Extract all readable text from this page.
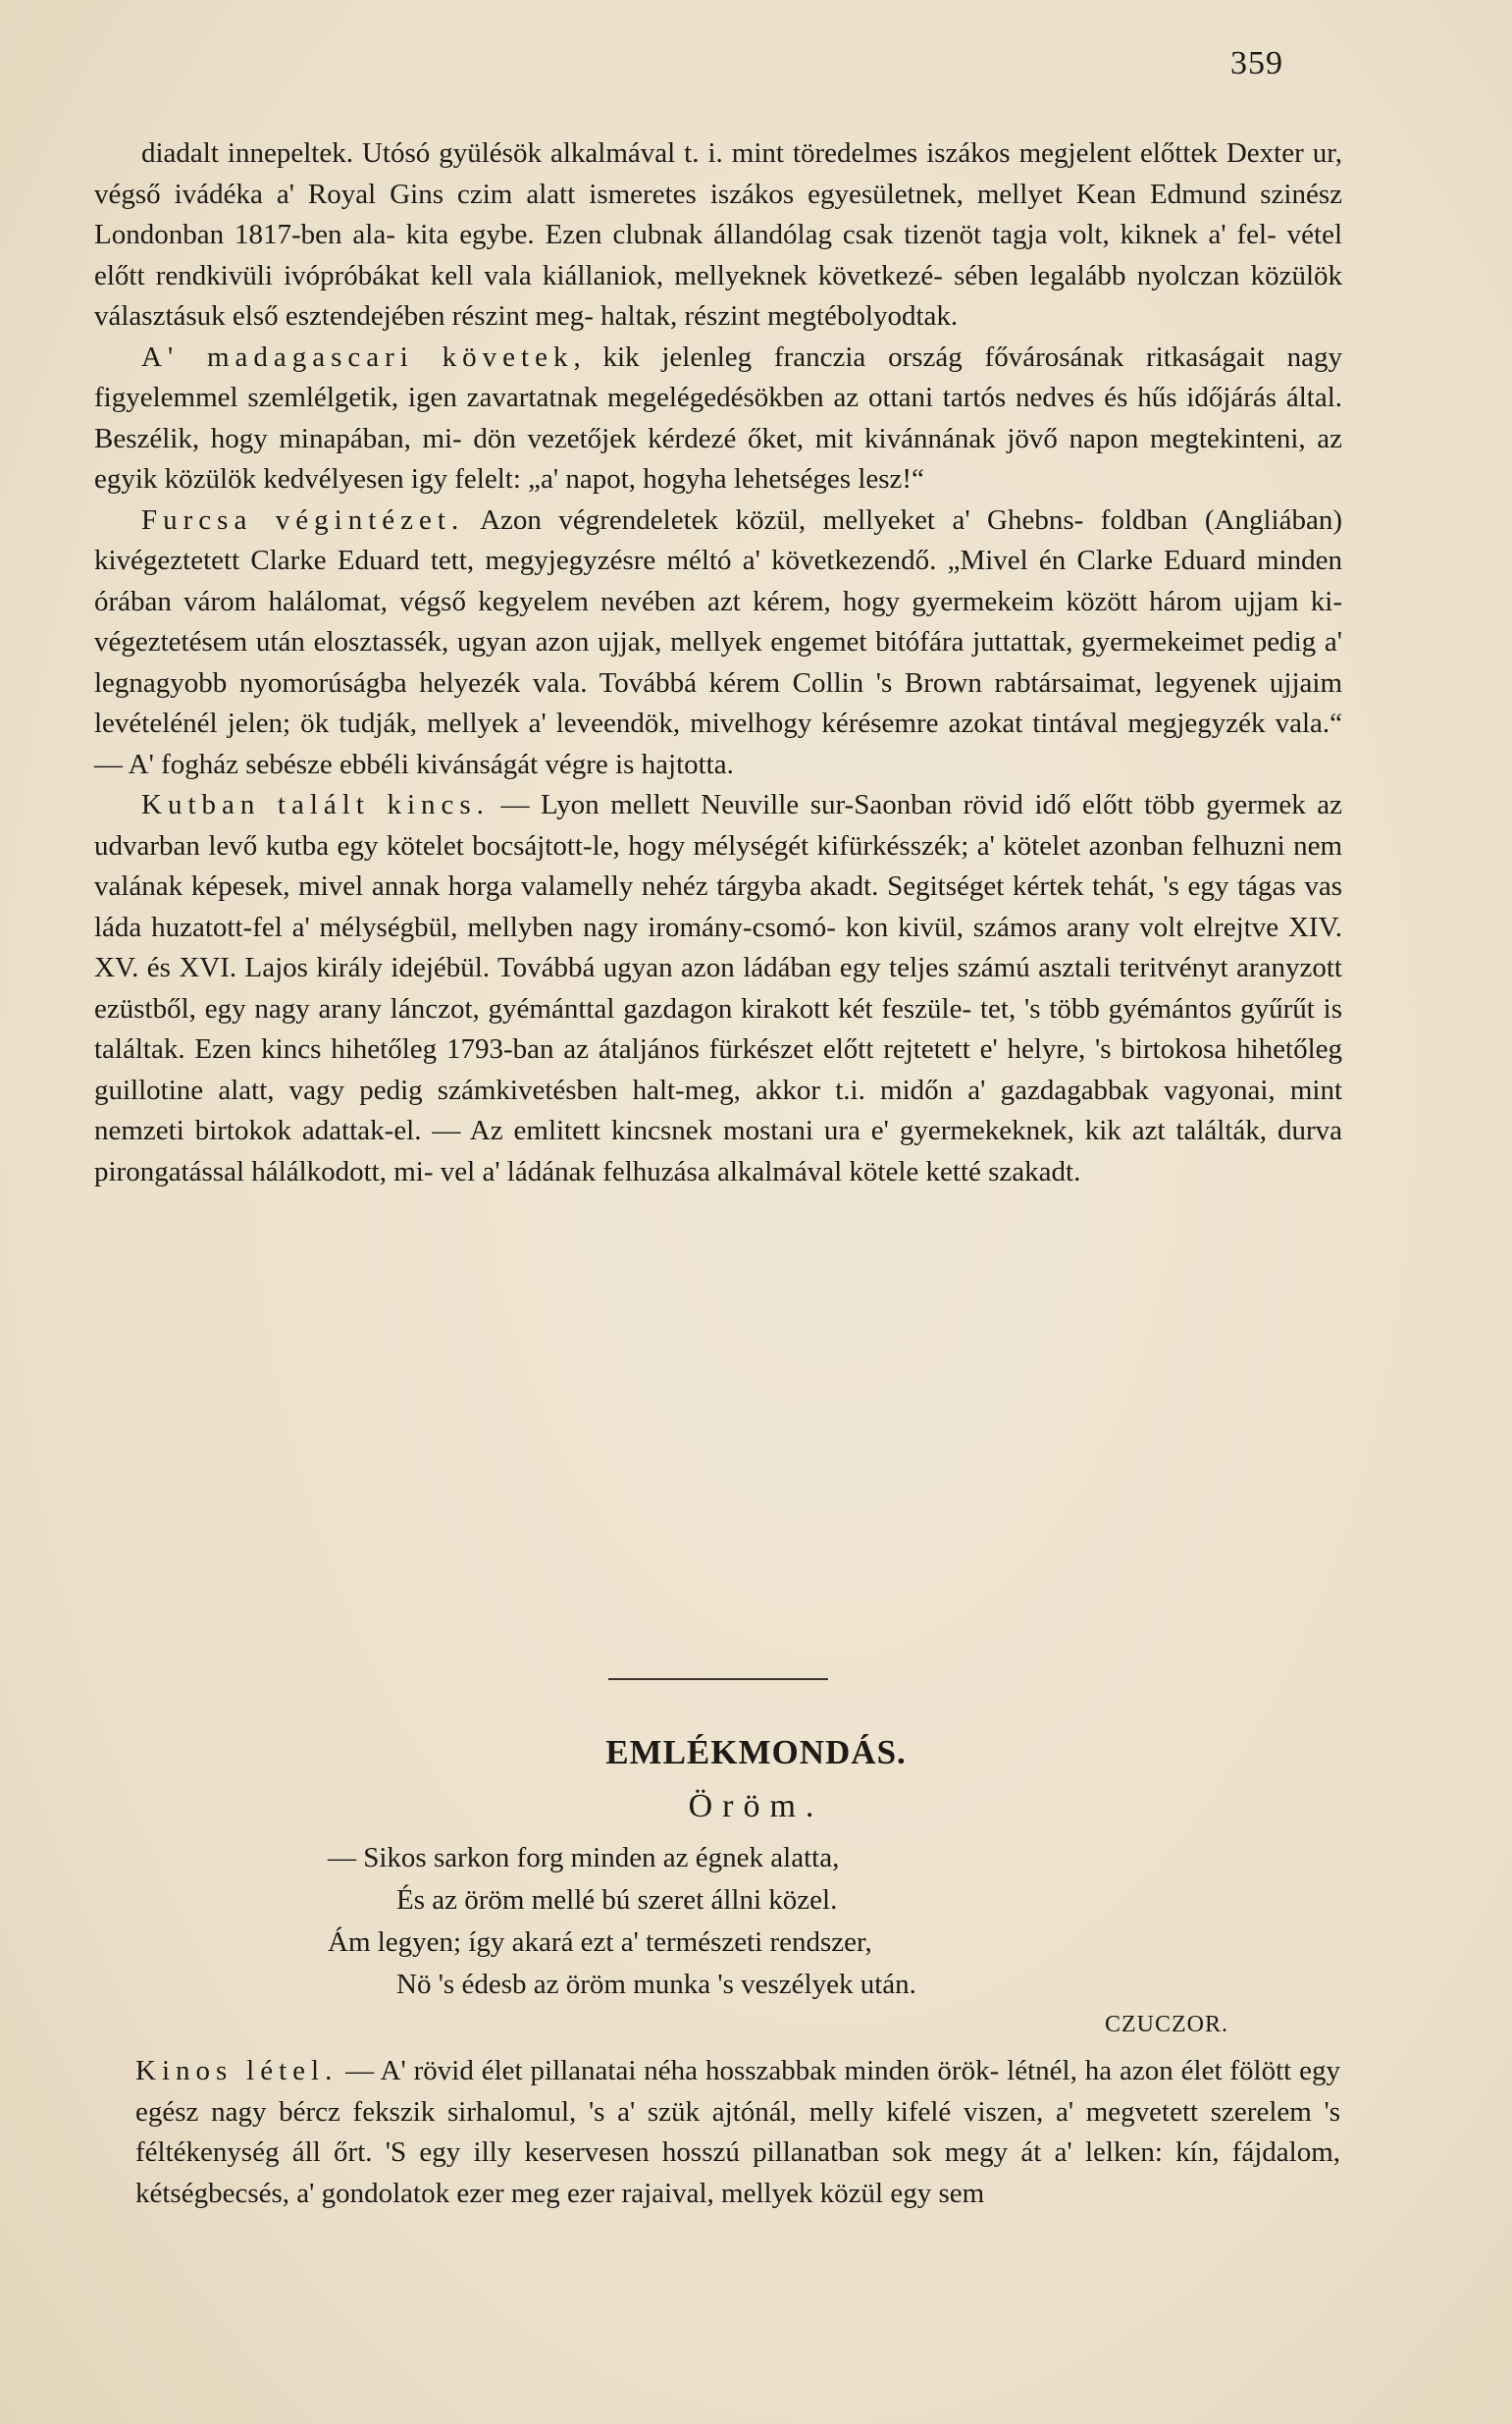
359

diadalt innepeltek. Utósó gyülésök alkalmával t. i. mint töredelmes iszákos megjelent előttek Dexter ur, végső ivádéka a' Royal Gins czim alatt ismeretes iszákos egyesületnek, mellyet Kean Edmund szinész Londonban 1817-ben ala- kita egybe. Ezen clubnak állandólag csak tizenöt tagja volt, kiknek a' fel- vétel előtt rendkivüli ivópróbákat kell vala kiállaniok, mellyeknek következé- sében legalább nyolczan közülök választásuk első esztendejében részint meg- haltak, részint megtébolyodtak.

A' madagascari követek, kik jelenleg franczia ország fővárosának ritkaságait nagy figyelemmel szemlélgetik, igen zavartatnak megelégedésökben az ottani tartós nedves és hűs időjárás által. Beszélik, hogy minapában, mi- dön vezetőjek kérdezé őket, mit kivánnának jövő napon megtekinteni, az egyik közülök kedvélyesen igy felelt: „a' napot, hogyha lehetséges lesz!“

Furcsa végintézet. Azon végrendeletek közül, mellyeket a' Ghebns- foldban (Angliában) kivégeztetett Clarke Eduard tett, megyjegyzésre méltó a' következendő. „Mivel én Clarke Eduard minden órában várom halálomat, végső kegyelem nevében azt kérem, hogy gyermekeim között három ujjam ki- végeztetésem után elosztassék, ugyan azon ujjak, mellyek engemet bitófára juttattak, gyermekeimet pedig a' legnagyobb nyomorúságba helyezék vala. Továbbá kérem Collin 's Brown rabtársaimat, legyenek ujjaim levételénél jelen; ök tudják, mellyek a' leveendök, mivelhogy kérésemre azokat tintával megjegyzék vala.“ — A' fogház sebésze ebbéli kivánságát végre is hajtotta.

Kutban talált kincs. — Lyon mellett Neuville sur-Saonban rövid idő előtt több gyermek az udvarban levő kutba egy kötelet bocsájtott-le, hogy mélységét kifürkésszék; a' kötelet azonban felhuzni nem valának képesek, mivel annak horga valamelly nehéz tárgyba akadt. Segitséget kértek tehát, 's egy tágas vas láda huzatott-fel a' mélységbül, mellyben nagy iromány-csomó- kon kivül, számos arany volt elrejtve XIV. XV. és XVI. Lajos király idejébül. Továbbá ugyan azon ládában egy teljes számú asztali teritvényt aranyzott ezüstből, egy nagy arany lánczot, gyémánttal gazdagon kirakott két feszüle- tet, 's több gyémántos gyűrűt is találtak. Ezen kincs hihetőleg 1793-ban az átaljános fürkészet előtt rejtetett e' helyre, 's birtokosa hihetőleg guillotine alatt, vagy pedig számkivetésben halt-meg, akkor t.i. midőn a' gazdagabbak vagyonai, mint nemzeti birtokok adattak-el. — Az emlitett kincsnek mostani ura e' gyermekeknek, kik azt találták, durva pirongatással hálálkodott, mi- vel a' ládának felhuzása alkalmával kötele ketté szakadt.

EMLÉKMONDÁS.
Öröm.
— Sikos sarkon forg minden az égnek alatta,
És az öröm mellé bú szeret állni közel.
Ám legyen; így akará ezt a' természeti rendszer,
Nö 's édesb az öröm munka 's veszélyek után.
CZUCZOR.

Kinos létel. — A' rövid élet pillanatai néha hosszabbak minden örök- létnél, ha azon élet fölött egy egész nagy bércz fekszik sirhalomul, 's a' szük ajtónál, melly kifelé viszen, a' megvetett szerelem 's féltékenység áll őrt. 'S egy illy keservesen hosszú pillanatban sok megy át a' lelken: kín, fájdalom, kétségbecsés, a' gondolatok ezer meg ezer rajaival, mellyek közül egy sem
